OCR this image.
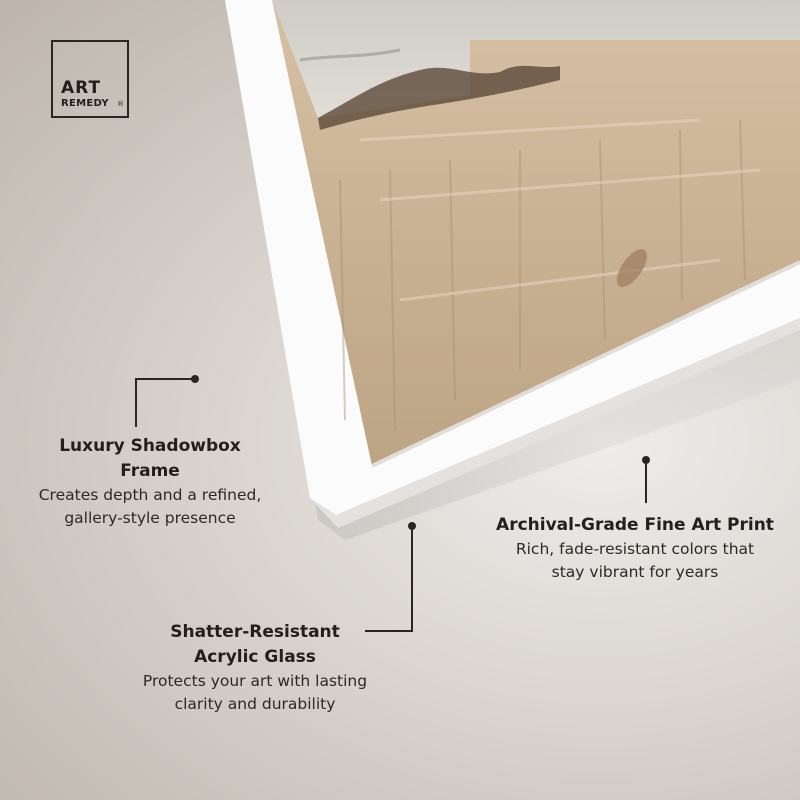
ART
REMEDY ®
Luxury Shadowbox
Frame
Creates depth and a refined,
gallery-style presence	Archival-Grade Fine Art Print
Rich, fade-resistant colors that
stay vibrant for years
Shatter-Resistant
Acrylic Glass
Protects your art with lasting
clarity and durability
